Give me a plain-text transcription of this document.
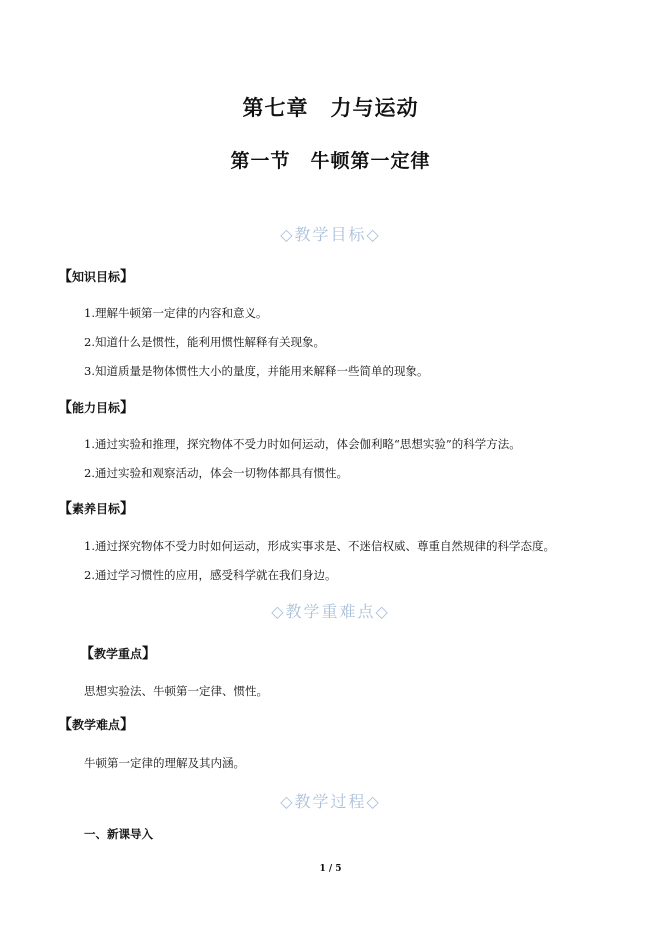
第七章　力与运动
第一节　牛顿第一定律
◇教学目标◇
【知识目标】
1.理解牛顿第一定律的内容和意义。
2.知道什么是惯性，能利用惯性解释有关现象。
3.知道质量是物体惯性大小的量度，并能用来解释一些简单的现象。
【能力目标】
1.通过实验和推理，探究物体不受力时如何运动，体会伽利略“思想实验”的科学方法。
2.通过实验和观察活动，体会一切物体都具有惯性。
【素养目标】
1.通过探究物体不受力时如何运动，形成实事求是、不迷信权威、尊重自然规律的科学态度。
2.通过学习惯性的应用，感受科学就在我们身边。
◇教学重难点◇
【教学重点】
思想实验法、牛顿第一定律、惯性。
【教学难点】
牛顿第一定律的理解及其内涵。
◇教学过程◇
一、新课导入
1 / 5
